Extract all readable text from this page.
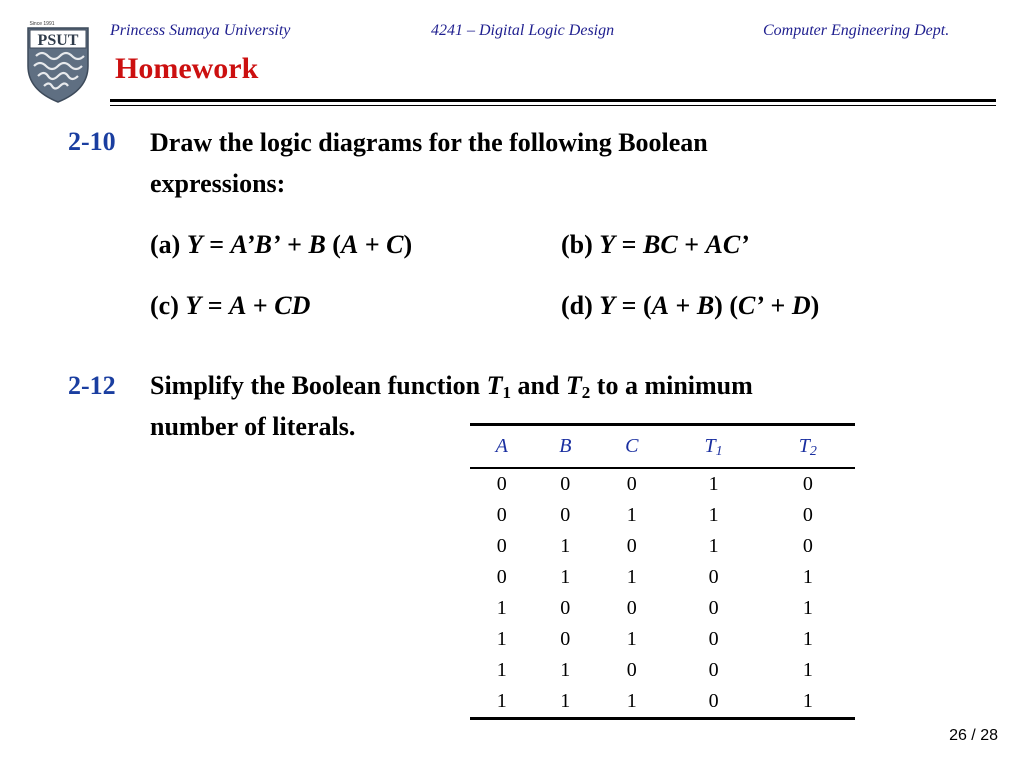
PSUT
Since 1991	Princess Sumaya University	4241 – Digital Logic Design	Computer Engineering Dept.
Homework
2-10 Draw the logic diagrams for the following Boolean
expressions:
(a) Y = A’B’ + B (A + C)	(b) Y = BC + AC’
(c) Y = A + CD	(d) Y = (A + B) (C’ + D)
2-12 Simplify the Boolean function $T_1$ and $T_2$ to a minimum
number of literals.
A	B	C	$T_1$	$T_2$
0	0	0	1	0
0	0	1	1	0
0	1	0	1	0
0	1	1	0	1
1	0	0	0	1
1	0	1	0	1
1	1	0	0	1
1	1	1	0	1
26 / 28
